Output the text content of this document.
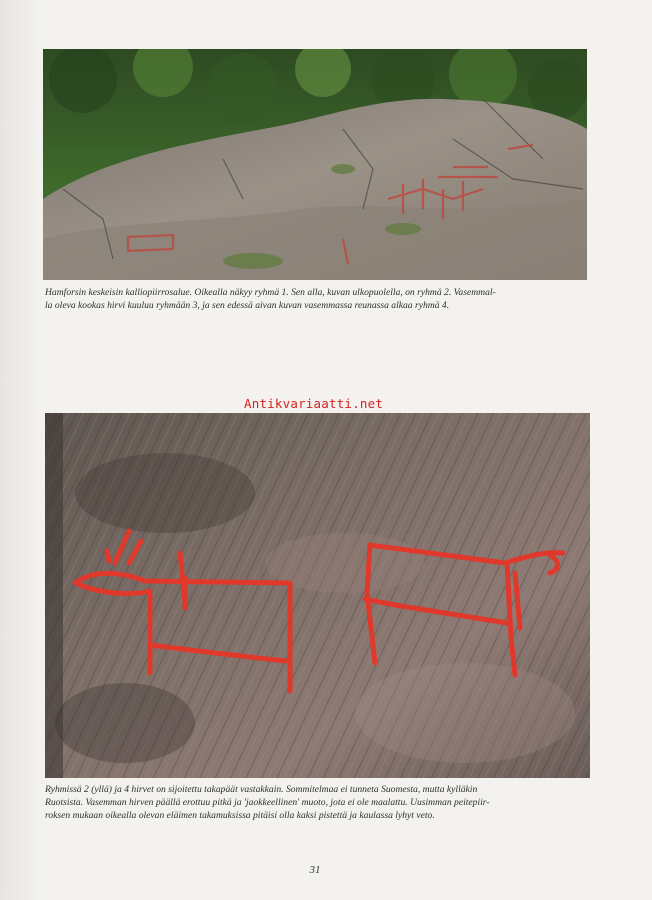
Hamforsin keskeisin kalliopiirrosalue. Oikealla näkyy ryhmä 1. Sen alla, kuvan ulkopuolella, on ryhmä 2. Vasemmal-
la oleva kookas hirvi kuuluu ryhmään 3, ja sen edessä aivan kuvan vasemmassa reunassa alkaa ryhmä 4.
Antikvariaatti.net
Ryhmissä 2 (yllä) ja 4 hirvet on sijoitettu takapäät vastakkain. Sommitelmaa ei tunneta Suomesta, mutta kylläkin
Ruotsista. Vasemman hirven päällä erottuu pitkä ja 'jaokkeellinen' muoto, jota ei ole maalattu. Uusimman peitepiir-
roksen mukaan oikealla olevan eläimen takamuksissa pitäisi olla kaksi pistettä ja kaulassa lyhyt veto.
31
